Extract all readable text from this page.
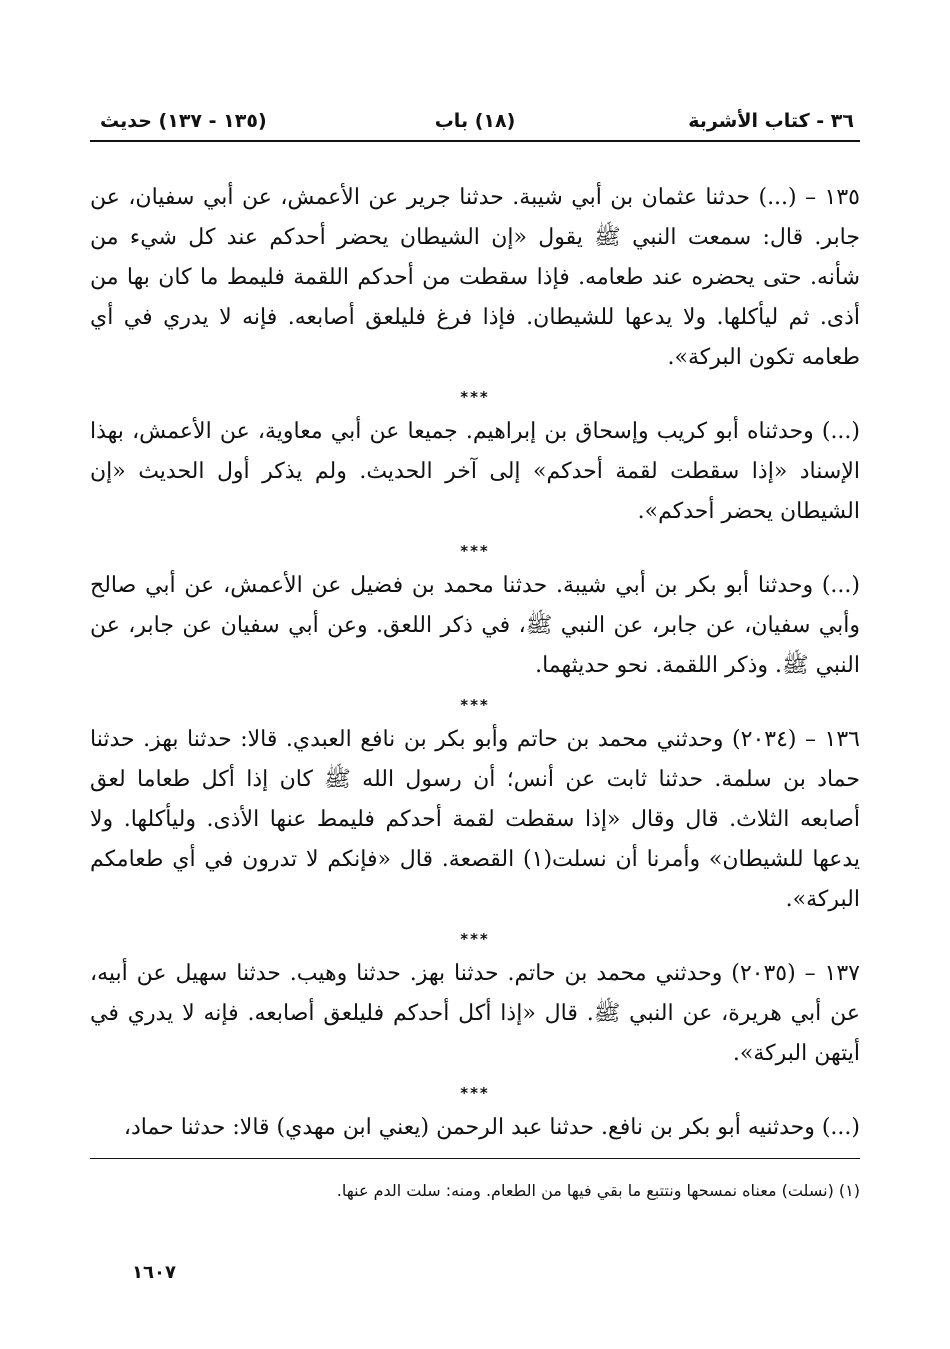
٣٦ - كتاب الأشربة
(١٨) باب
(١٣٥ - ١٣٧) حديث

١٣٥ – (...) حدثنا عثمان بن أبي شيبة. حدثنا جرير عن الأعمش، عن أبي سفيان، عن جابر. قال: سمعت النبي ﷺ يقول «إن الشيطان يحضر أحدكم عند كل شيء من شأنه. حتى يحضره عند طعامه. فإذا سقطت من أحدكم اللقمة فليمط ما كان بها من أذى. ثم ليأكلها. ولا يدعها للشيطان. فإذا فرغ فليلعق أصابعه. فإنه لا يدري في أي طعامه تكون البركة».

***

(...) وحدثناه أبو كريب وإسحاق بن إبراهيم. جميعا عن أبي معاوية، عن الأعمش، بهذا الإسناد «إذا سقطت لقمة أحدكم» إلى آخر الحديث. ولم يذكر أول الحديث «إن الشيطان يحضر أحدكم».

***

(...) وحدثنا أبو بكر بن أبي شيبة. حدثنا محمد بن فضيل عن الأعمش، عن أبي صالح وأبي سفيان، عن جابر، عن النبي ﷺ، في ذكر اللعق. وعن أبي سفيان عن جابر، عن النبي ﷺ. وذكر اللقمة. نحو حديثهما.

***

١٣٦ – (٢٠٣٤) وحدثني محمد بن حاتم وأبو بكر بن نافع العبدي. قالا: حدثنا بهز. حدثنا حماد بن سلمة. حدثنا ثابت عن أنس؛ أن رسول الله ﷺ كان إذا أكل طعاما لعق أصابعه الثلاث. قال وقال «إذا سقطت لقمة أحدكم فليمط عنها الأذى. وليأكلها. ولا يدعها للشيطان» وأمرنا أن نسلت(١) القصعة. قال «فإنكم لا تدرون في أي طعامكم البركة».

***

١٣٧ – (٢٠٣٥) وحدثني محمد بن حاتم. حدثنا بهز. حدثنا وهيب. حدثنا سهيل عن أبيه، عن أبي هريرة، عن النبي ﷺ. قال «إذا أكل أحدكم فليلعق أصابعه. فإنه لا يدري في أيتهن البركة».

***

(...) وحدثنيه أبو بكر بن نافع. حدثنا عبد الرحمن (يعني ابن مهدي) قالا: حدثنا حماد،

(١) (نسلت) معناه نمسحها ونتتبع ما بقي فيها من الطعام. ومنه: سلت الدم عنها.
١٦٠٧
